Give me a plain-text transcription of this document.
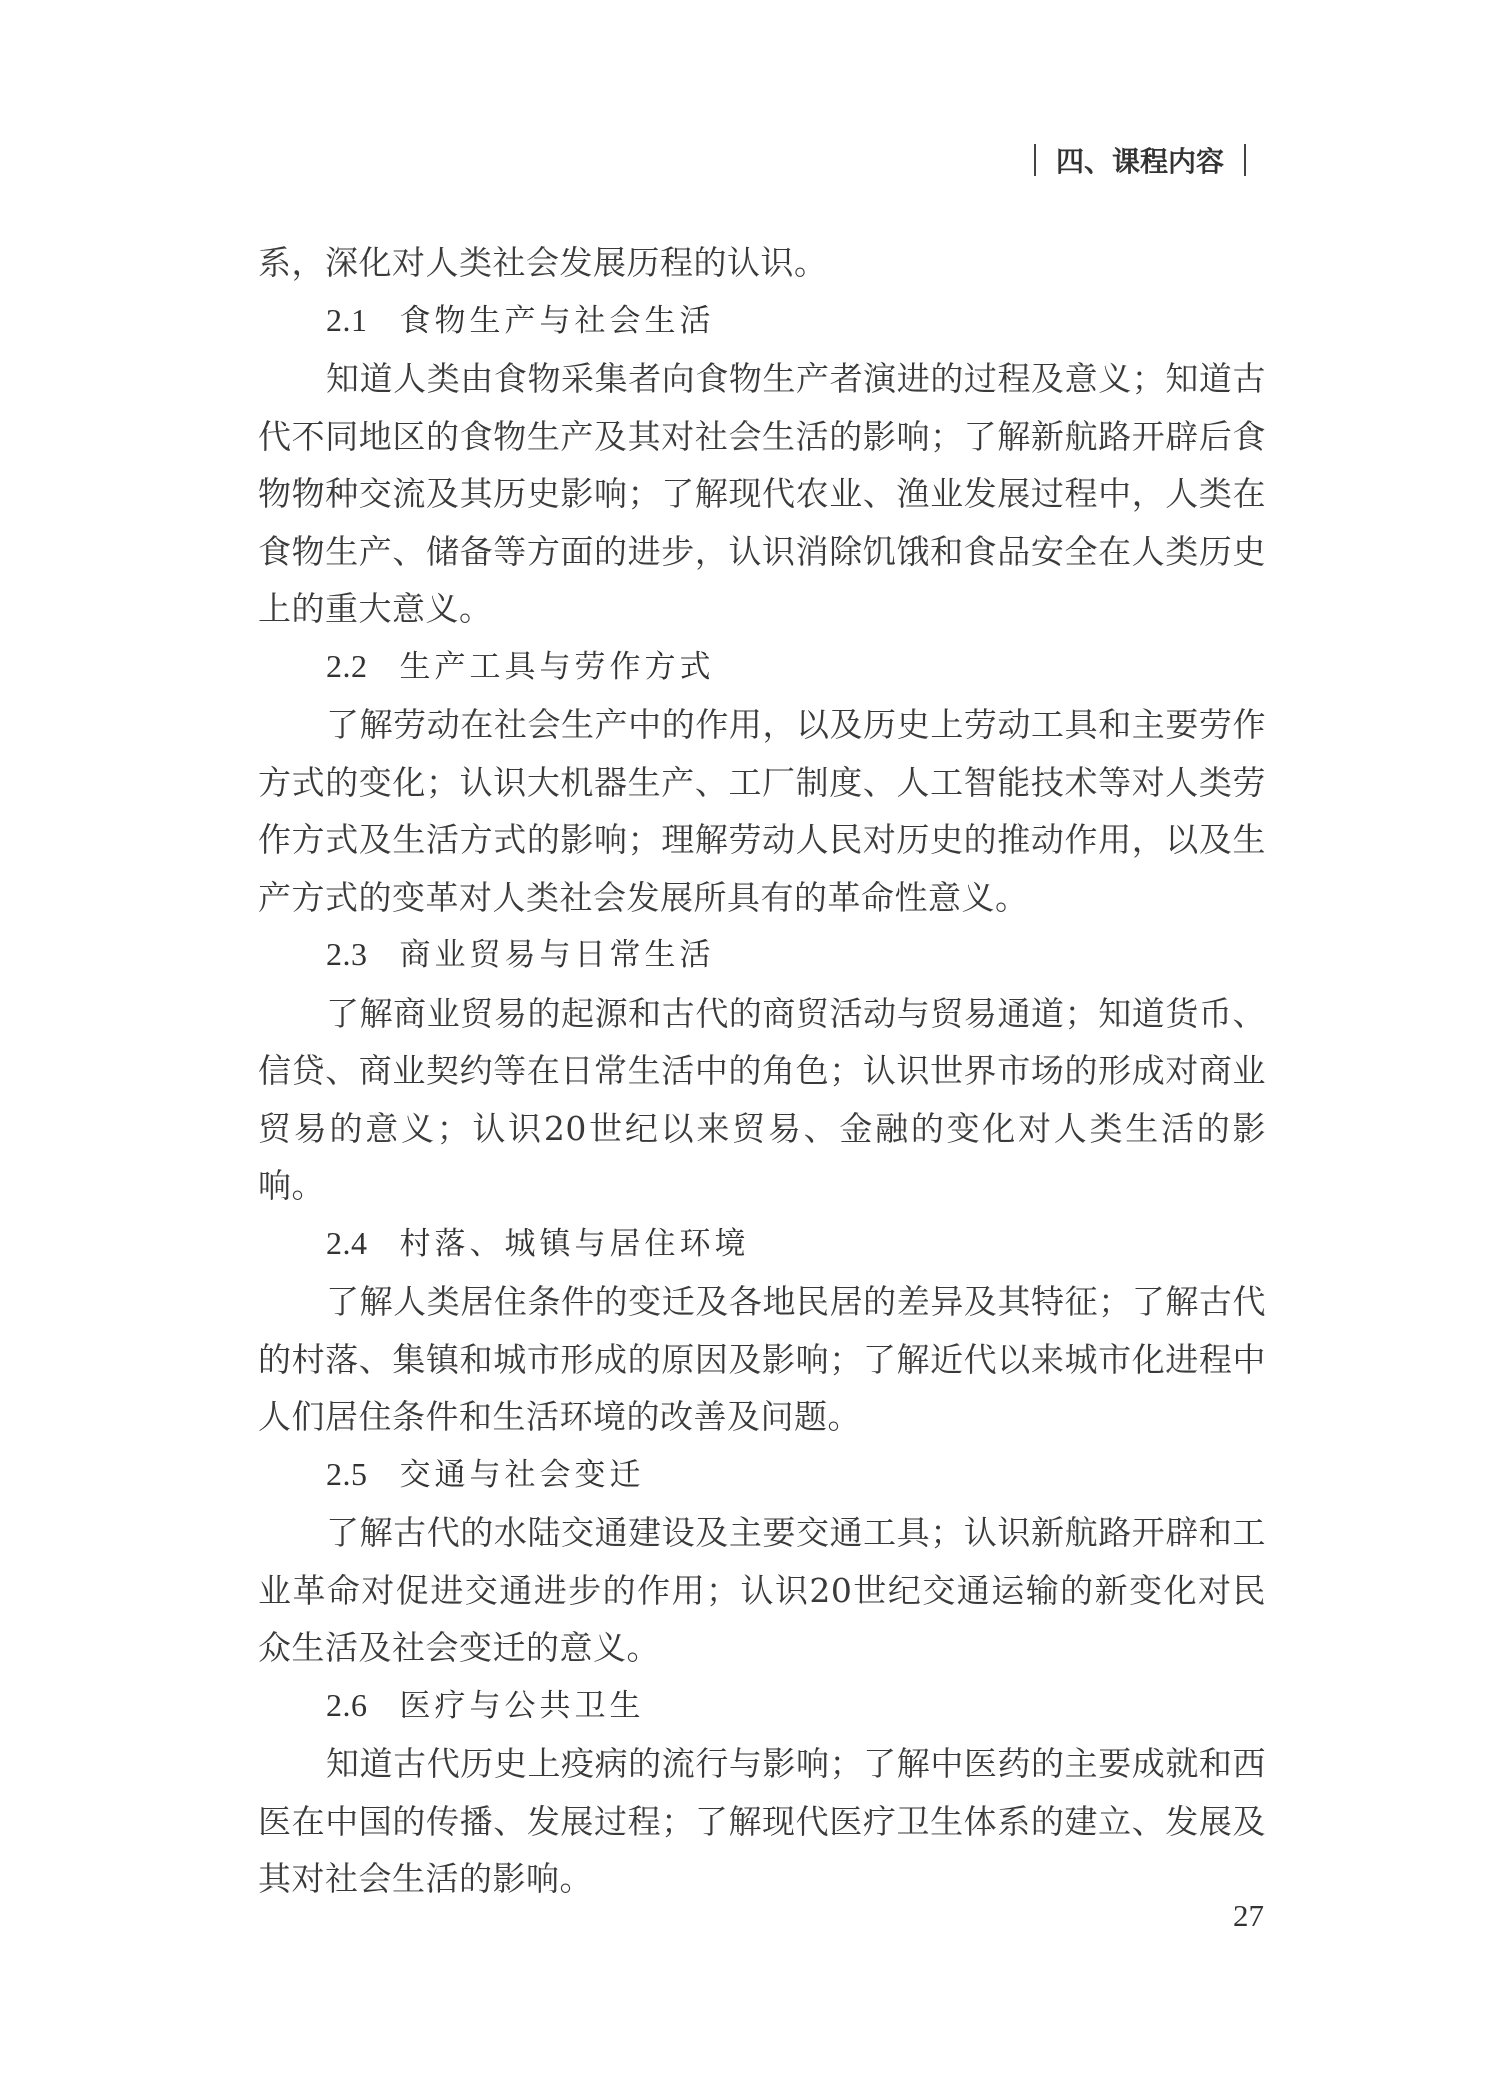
四、课程内容

系，深化对人类社会发展历程的认识。

2.1 食物生产与社会生活

知道人类由食物采集者向食物生产者演进的过程及意义；知道古代不同地区的食物生产及其对社会生活的影响；了解新航路开辟后食物物种交流及其历史影响；了解现代农业、渔业发展过程中，人类在食物生产、储备等方面的进步，认识消除饥饿和食品安全在人类历史上的重大意义。

2.2 生产工具与劳作方式

了解劳动在社会生产中的作用，以及历史上劳动工具和主要劳作方式的变化；认识大机器生产、工厂制度、人工智能技术等对人类劳作方式及生活方式的影响；理解劳动人民对历史的推动作用，以及生产方式的变革对人类社会发展所具有的革命性意义。

2.3 商业贸易与日常生活

了解商业贸易的起源和古代的商贸活动与贸易通道；知道货币、信贷、商业契约等在日常生活中的角色；认识世界市场的形成对商业贸易的意义；认识20世纪以来贸易、金融的变化对人类生活的影响。

2.4 村落、城镇与居住环境

了解人类居住条件的变迁及各地民居的差异及其特征；了解古代的村落、集镇和城市形成的原因及影响；了解近代以来城市化进程中人们居住条件和生活环境的改善及问题。

2.5 交通与社会变迁

了解古代的水陆交通建设及主要交通工具；认识新航路开辟和工业革命对促进交通进步的作用；认识20世纪交通运输的新变化对民众生活及社会变迁的意义。

2.6 医疗与公共卫生

知道古代历史上疫病的流行与影响；了解中医药的主要成就和西医在中国的传播、发展过程；了解现代医疗卫生体系的建立、发展及其对社会生活的影响。

27
